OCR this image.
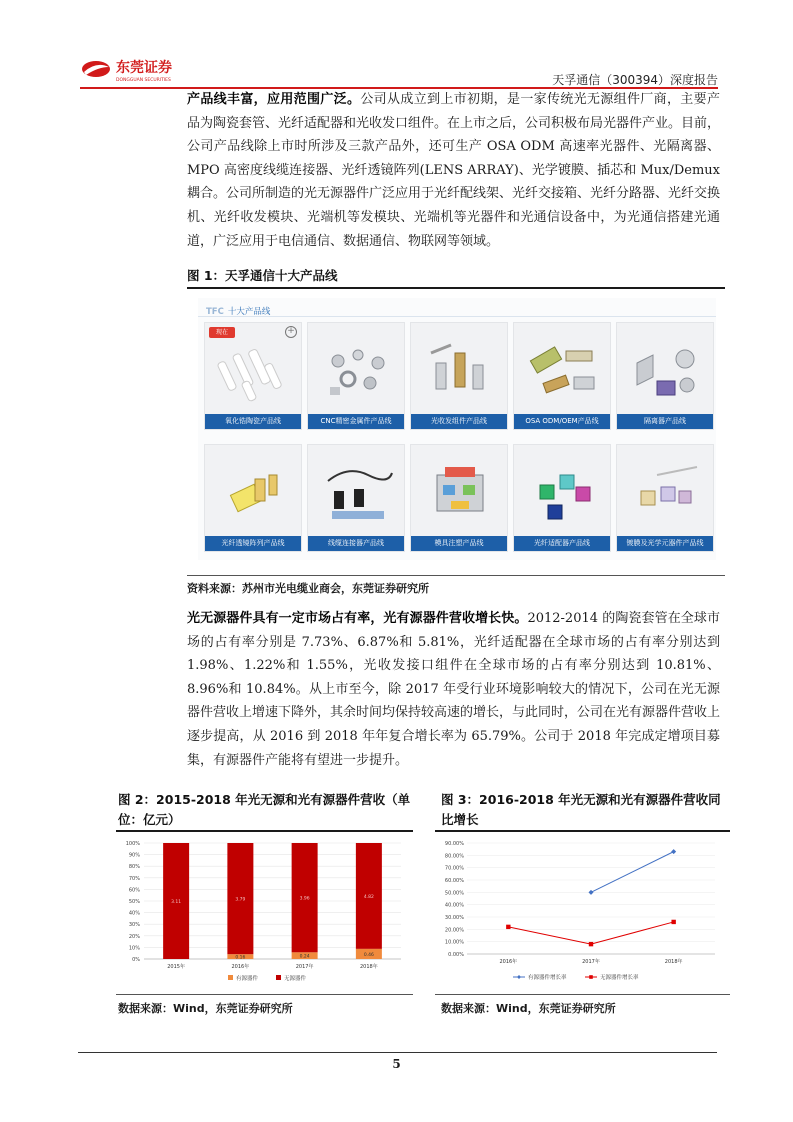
东莞证券
DONGGUAN SECURITIES	天孚通信（300394）深度报告
产品线丰富，应用范围广泛。公司从成立到上市初期，是一家传统光无源组件厂商，主要产品为陶瓷套管、光纤适配器和光收发口组件。在上市之后，公司积极布局光器件产业。目前，公司产品线除上市时所涉及三款产品外，还可生产 OSA ODM 高速率光器件、光隔离器、MPO 高密度线缆连接器、光纤透镜阵列(LENS ARRAY)、光学镀膜、插芯和 Mux/Demux 耦合。公司所制造的光无源器件广泛应用于光纤配线架、光纤交接箱、光纤分路器、光纤交换机、光纤收发模块、光端机等发模块、光端机等光器件和光通信设备中，为光通信搭建光通道，广泛应用于电信通信、数据通信、物联网等领域。
图 1：天孚通信十大产品线
TFC 十大产品线
现在	+
氧化锆陶瓷产品线	CNC精密金属件产品线	光收发组件产品线	OSA ODM/OEM产品线	隔离器产品线
光纤透镜阵列产品线	线缆连接器产品线	模具注塑产品线	光纤适配器产品线	镀膜及光学元器件产品线
资料来源：苏州市光电缆业商会，东莞证券研究所
光无源器件具有一定市场占有率，光有源器件营收增长快。2012-2014 的陶瓷套管在全球市场的占有率分别是 7.73%、6.87%和 5.81%，光纤适配器在全球市场的占有率分别达到 1.98%、1.22%和 1.55%，光收发接口组件在全球市场的占有率分别达到 10.81%、8.96%和 10.84%。从上市至今，除 2017 年受行业环境影响较大的情况下，公司在光无源器件营收上增速下降外，其余时间均保持较高速的增长，与此同时，公司在光有源器件营收上逐步提高，从 2016 到 2018 年年复合增长率为 65.79%。公司于 2018 年完成定增项目募集，有源器件产能将有望进一步提升。
图 2：2015-2018 年光无源和光有源器件营收（单位：亿元）
图 3：2016-2018 年光无源和光有源器件营收同比增长
0%
10%
20%
30%
40%
50%
60%
70%
80%
90%
100%
3.11
2015年
3.79
0.16
2016年
3.96
0.24
2017年
4.82
0.46
2018年
有源器件	无源器件
0.00%
10.00%
20.00%
30.00%
40.00%
50.00%
60.00%
70.00%
80.00%
90.00%
2016年	2017年	2018年
有源器件增长率	无源器件增长率
数据来源：Wind，东莞证券研究所	数据来源：Wind，东莞证券研究所
5
